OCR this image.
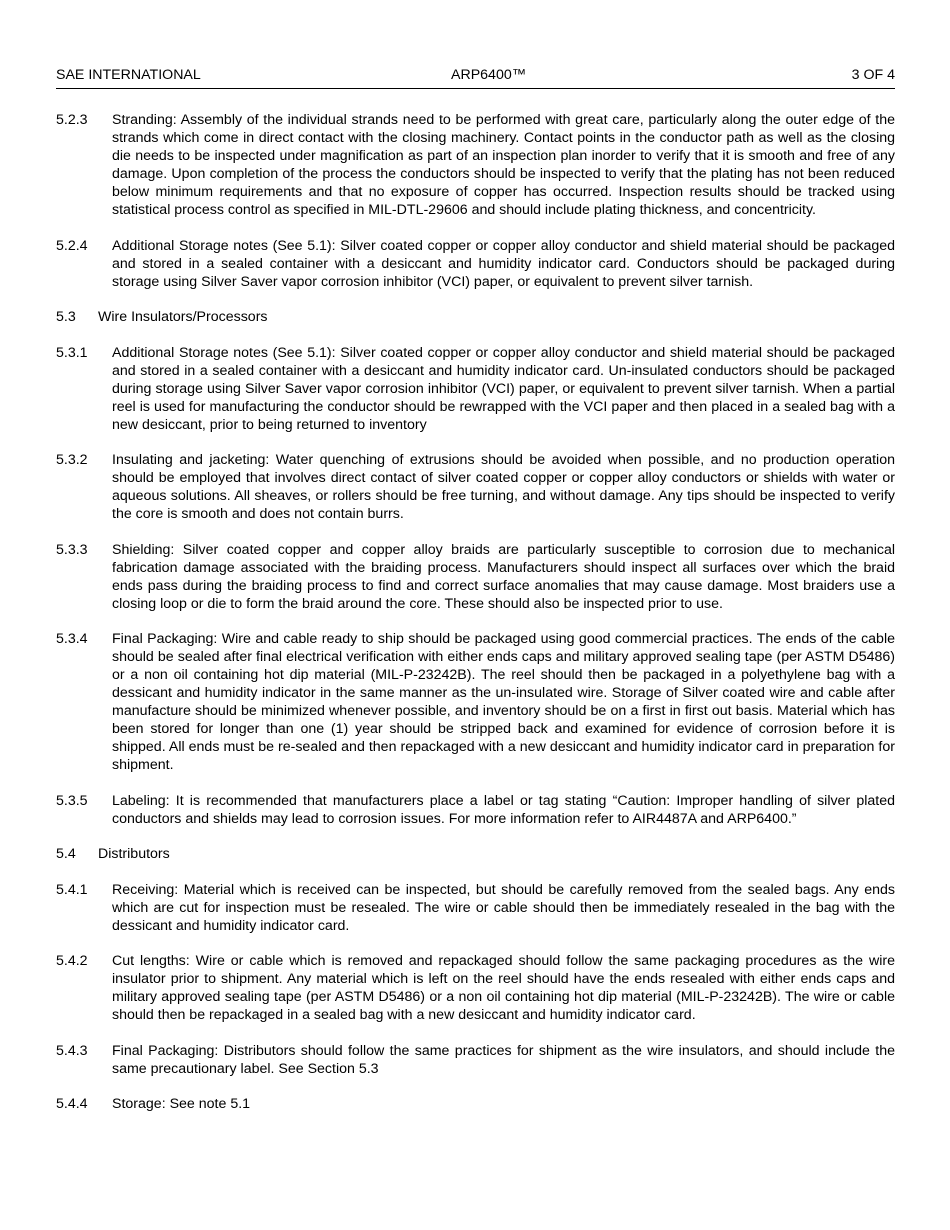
SAE INTERNATIONAL	ARP6400™	3 OF 4
5.2.3 Stranding: Assembly of the individual strands need to be performed with great care, particularly along the outer edge of the strands which come in direct contact with the closing machinery. Contact points in the conductor path as well as the closing die needs to be inspected under magnification as part of an inspection plan inorder to verify that it is smooth and free of any damage. Upon completion of the process the conductors should be inspected to verify that the plating has not been reduced below minimum requirements and that no exposure of copper has occurred. Inspection results should be tracked using statistical process control as specified in MIL-DTL-29606 and should include plating thickness, and concentricity.
5.2.4 Additional Storage notes (See 5.1): Silver coated copper or copper alloy conductor and shield material should be packaged and stored in a sealed container with a desiccant and humidity indicator card. Conductors should be packaged during storage using Silver Saver vapor corrosion inhibitor (VCI) paper, or equivalent to prevent silver tarnish.
5.3 Wire Insulators/Processors
5.3.1 Additional Storage notes (See 5.1): Silver coated copper or copper alloy conductor and shield material should be packaged and stored in a sealed container with a desiccant and humidity indicator card. Un-insulated conductors should be packaged during storage using Silver Saver vapor corrosion inhibitor (VCI) paper, or equivalent to prevent silver tarnish. When a partial reel is used for manufacturing the conductor should be rewrapped with the VCI paper and then placed in a sealed bag with a new desiccant, prior to being returned to inventory
5.3.2 Insulating and jacketing: Water quenching of extrusions should be avoided when possible, and no production operation should be employed that involves direct contact of silver coated copper or copper alloy conductors or shields with water or aqueous solutions. All sheaves, or rollers should be free turning, and without damage. Any tips should be inspected to verify the core is smooth and does not contain burrs.
5.3.3 Shielding: Silver coated copper and copper alloy braids are particularly susceptible to corrosion due to mechanical fabrication damage associated with the braiding process. Manufacturers should inspect all surfaces over which the braid ends pass during the braiding process to find and correct surface anomalies that may cause damage. Most braiders use a closing loop or die to form the braid around the core. These should also be inspected prior to use.
5.3.4 Final Packaging: Wire and cable ready to ship should be packaged using good commercial practices. The ends of the cable should be sealed after final electrical verification with either ends caps and military approved sealing tape (per ASTM D5486) or a non oil containing hot dip material (MIL-P-23242B). The reel should then be packaged in a polyethylene bag with a dessicant and humidity indicator in the same manner as the un-insulated wire. Storage of Silver coated wire and cable after manufacture should be minimized whenever possible, and inventory should be on a first in first out basis. Material which has been stored for longer than one (1) year should be stripped back and examined for evidence of corrosion before it is shipped. All ends must be re-sealed and then repackaged with a new desiccant and humidity indicator card in preparation for shipment.
5.3.5 Labeling: It is recommended that manufacturers place a label or tag stating “Caution: Improper handling of silver plated conductors and shields may lead to corrosion issues. For more information refer to AIR4487A and ARP6400.”
5.4 Distributors
5.4.1 Receiving: Material which is received can be inspected, but should be carefully removed from the sealed bags. Any ends which are cut for inspection must be resealed. The wire or cable should then be immediately resealed in the bag with the dessicant and humidity indicator card.
5.4.2 Cut lengths: Wire or cable which is removed and repackaged should follow the same packaging procedures as the wire insulator prior to shipment. Any material which is left on the reel should have the ends resealed with either ends caps and military approved sealing tape (per ASTM D5486) or a non oil containing hot dip material (MIL-P-23242B). The wire or cable should then be repackaged in a sealed bag with a new desiccant and humidity indicator card.
5.4.3 Final Packaging: Distributors should follow the same practices for shipment as the wire insulators, and should include the same precautionary label. See Section 5.3
5.4.4 Storage: See note 5.1
